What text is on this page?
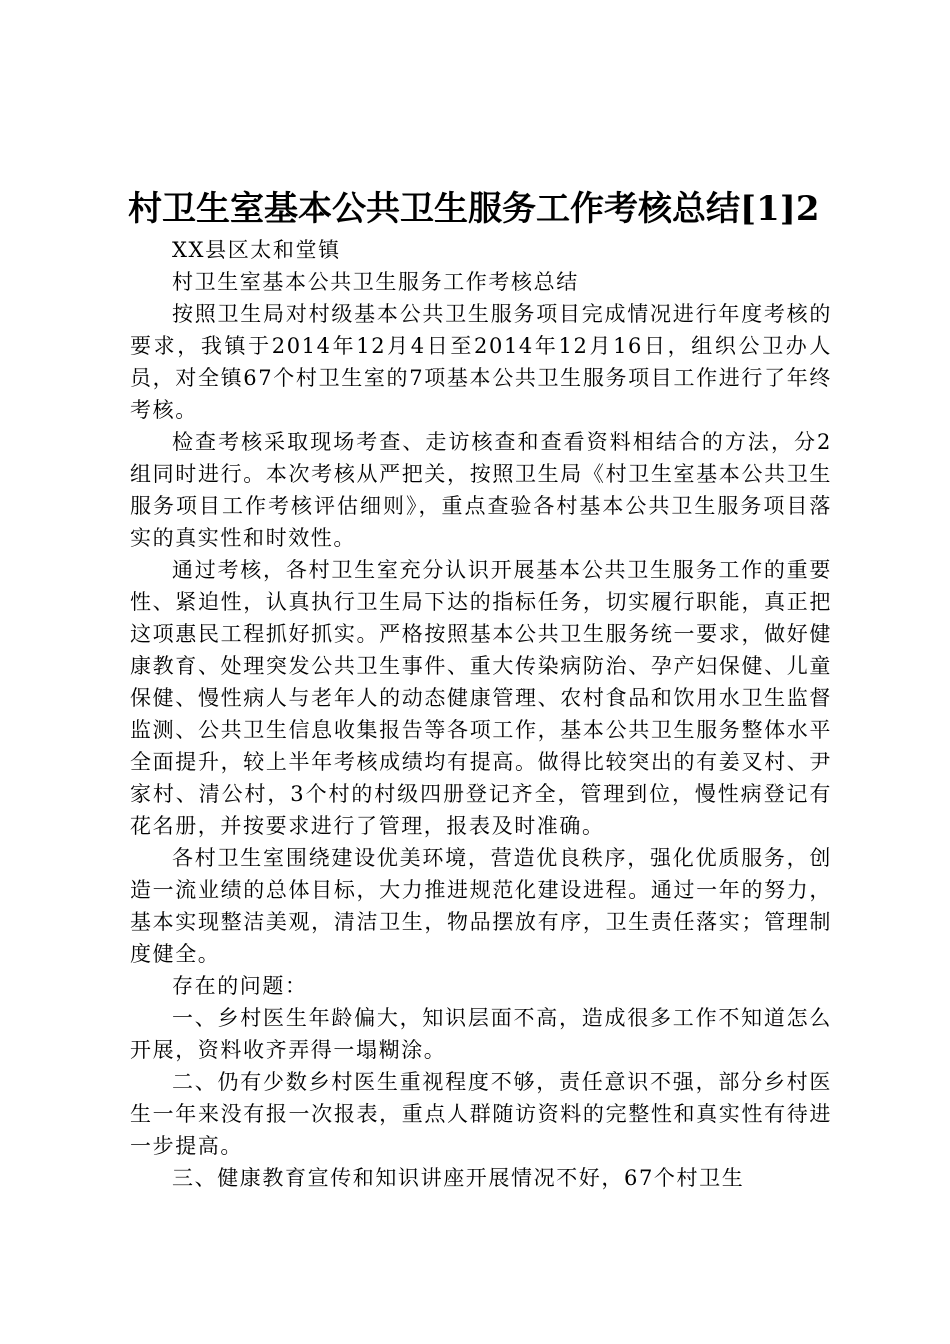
村卫生室基本公共卫生服务工作考核总结[1]2

XX县区太和堂镇

村卫生室基本公共卫生服务工作考核总结

按照卫生局对村级基本公共卫生服务项目完成情况进行年度考核的要求，我镇于2014年12月4日至2014年12月16日，组织公卫办人员，对全镇67个村卫生室的7项基本公共卫生服务项目工作进行了年终考核。

检查考核采取现场考查、走访核查和查看资料相结合的方法，分2组同时进行。本次考核从严把关，按照卫生局《村卫生室基本公共卫生服务项目工作考核评估细则》，重点查验各村基本公共卫生服务项目落实的真实性和时效性。

通过考核，各村卫生室充分认识开展基本公共卫生服务工作的重要性、紧迫性，认真执行卫生局下达的指标任务，切实履行职能，真正把这项惠民工程抓好抓实。严格按照基本公共卫生服务统一要求，做好健康教育、处理突发公共卫生事件、重大传染病防治、孕产妇保健、儿童保健、慢性病人与老年人的动态健康管理、农村食品和饮用水卫生监督监测、公共卫生信息收集报告等各项工作，基本公共卫生服务整体水平全面提升，较上半年考核成绩均有提高。做得比较突出的有姜叉村、尹家村、清公村，3个村的村级四册登记齐全，管理到位，慢性病登记有花名册，并按要求进行了管理，报表及时准确。

各村卫生室围绕建设优美环境，营造优良秩序，强化优质服务，创造一流业绩的总体目标，大力推进规范化建设进程。通过一年的努力，基本实现整洁美观，清洁卫生，物品摆放有序，卫生责任落实；管理制度健全。

存在的问题：

一、乡村医生年龄偏大，知识层面不高，造成很多工作不知道怎么开展，资料收齐弄得一塌糊涂。

二、仍有少数乡村医生重视程度不够，责任意识不强，部分乡村医生一年来没有报一次报表，重点人群随访资料的完整性和真实性有待进一步提高。

三、健康教育宣传和知识讲座开展情况不好，67个村卫生
